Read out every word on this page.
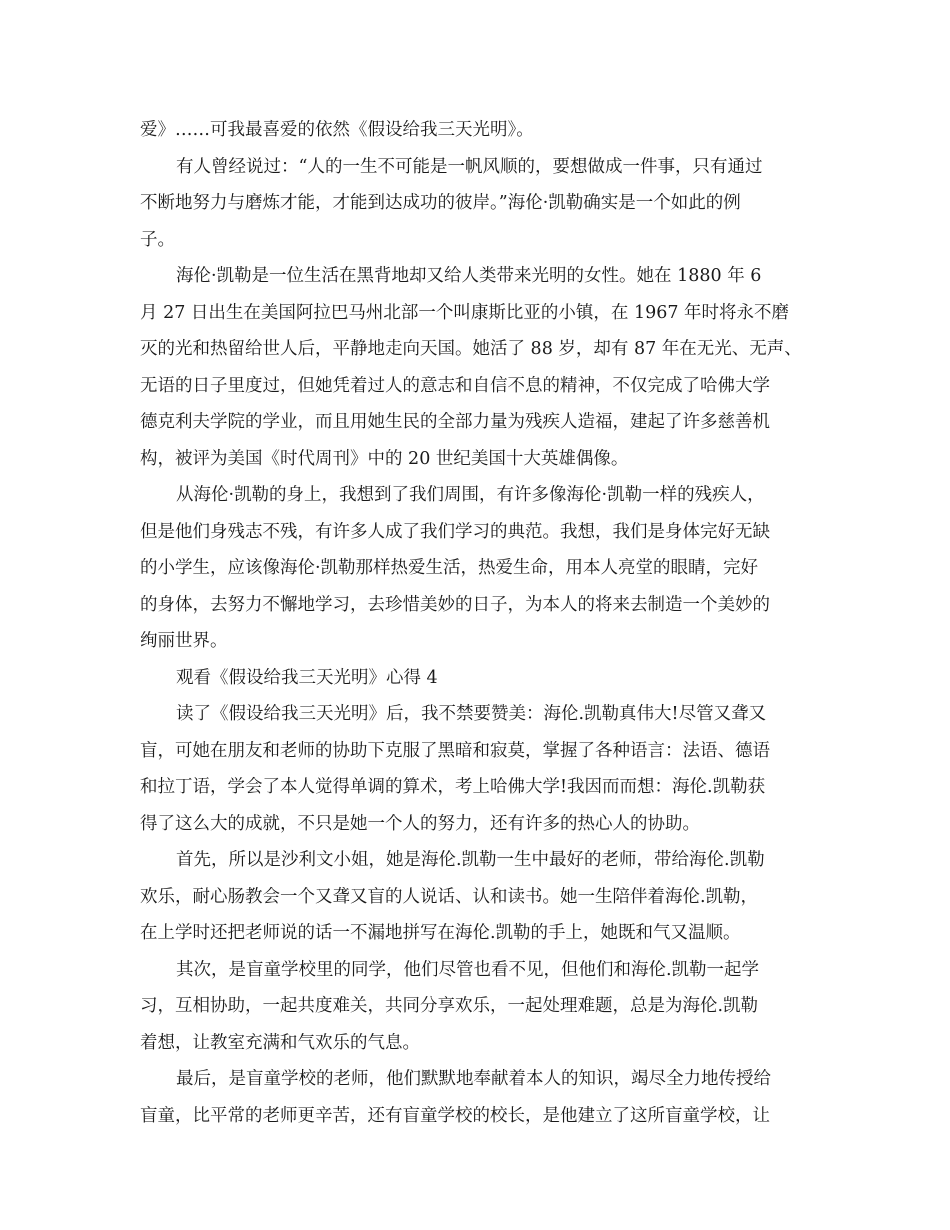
爱》……可我最喜爱的依然《假设给我三天光明》。
有人曾经说过：“人的一生不可能是一帆风顺的，要想做成一件事，只有通过
不断地努力与磨炼才能，才能到达成功的彼岸。”海伦·凯勒确实是一个如此的例
子。
海伦·凯勒是一位生活在黑背地却又给人类带来光明的女性。她在 1880 年 6
月 27 日出生在美国阿拉巴马州北部一个叫康斯比亚的小镇，在 1967 年时将永不磨
灭的光和热留给世人后，平静地走向天国。她活了 88 岁，却有 87 年在无光、无声、
无语的日子里度过，但她凭着过人的意志和自信不息的精神，不仅完成了哈佛大学
德克利夫学院的学业，而且用她生民的全部力量为残疾人造福，建起了许多慈善机
构，被评为美国《时代周刊》中的 20 世纪美国十大英雄偶像。
从海伦·凯勒的身上，我想到了我们周围，有许多像海伦·凯勒一样的残疾人，
但是他们身残志不残，有许多人成了我们学习的典范。我想，我们是身体完好无缺
的小学生，应该像海伦·凯勒那样热爱生活，热爱生命，用本人亮堂的眼睛，完好
的身体，去努力不懈地学习，去珍惜美妙的日子，为本人的将来去制造一个美妙的
绚丽世界。
观看《假设给我三天光明》心得 4
读了《假设给我三天光明》后，我不禁要赞美：海伦.凯勒真伟大!尽管又聋又
盲，可她在朋友和老师的协助下克服了黑暗和寂莫，掌握了各种语言：法语、德语
和拉丁语，学会了本人觉得单调的算术，考上哈佛大学!我因而而想：海伦.凯勒获
得了这么大的成就，不只是她一个人的努力，还有许多的热心人的协助。
首先，所以是沙利文小姐，她是海伦.凯勒一生中最好的老师，带给海伦.凯勒
欢乐，耐心肠教会一个又聋又盲的人说话、认和读书。她一生陪伴着海伦.凯勒，
在上学时还把老师说的话一不漏地拼写在海伦.凯勒的手上，她既和气又温顺。
其次，是盲童学校里的同学，他们尽管也看不见，但他们和海伦.凯勒一起学
习，互相协助，一起共度难关，共同分享欢乐，一起处理难题，总是为海伦.凯勒
着想，让教室充满和气欢乐的气息。
最后，是盲童学校的老师，他们默默地奉献着本人的知识，竭尽全力地传授给
盲童，比平常的老师更辛苦，还有盲童学校的校长，是他建立了这所盲童学校，让
